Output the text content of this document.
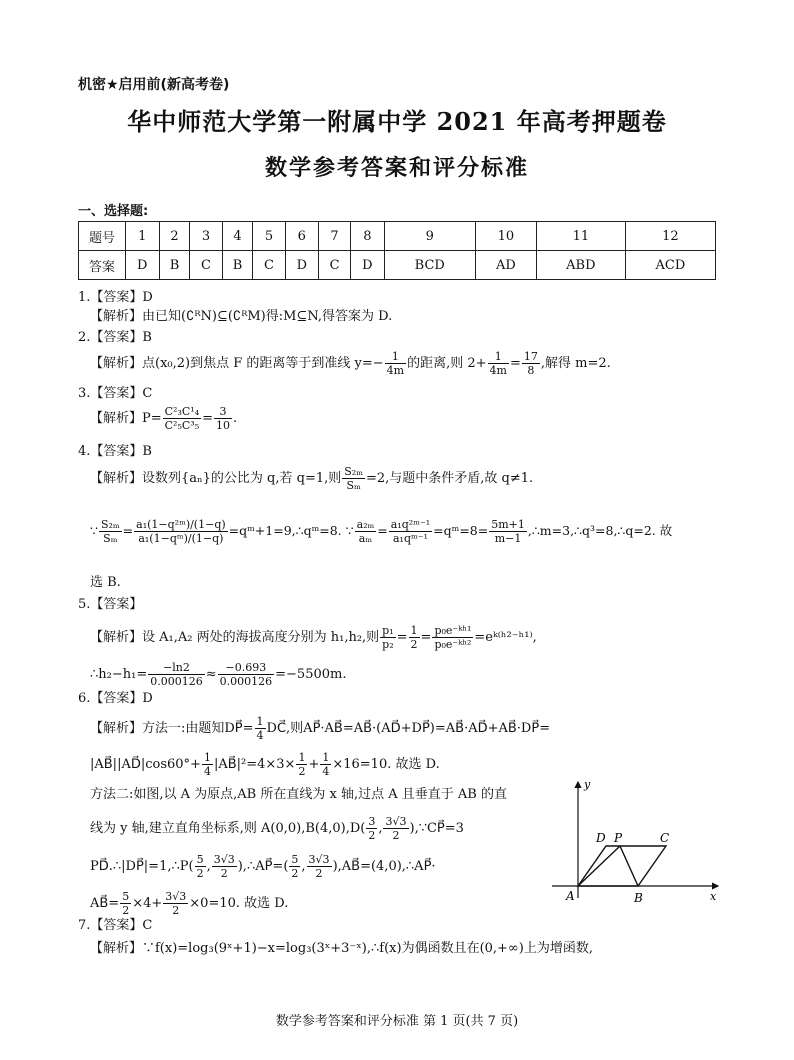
机密★启用前(新高考卷)
华中师范大学第一附属中学 2021 年高考押题卷
数学参考答案和评分标准
一、选择题:
题号	1	2	3	4	5	6	7	8	9	10	11	12
答案	D	B	C	B	C	D	C	D	BCD	AD	ABD	ACD
1.【答案】D
【解析】由已知(∁ᴿN)⊆(∁ᴿM)得:M⊆N,得答案为 D.
2.【答案】B
【解析】点(x₀,2)到焦点 F 的距离等于到准线 $y=- \frac{1}{4m}$ 的距离,则 $2+ \frac{1}{4m} = \frac{17}{8}$ ,解得 m=2.
3.【答案】C
【解析】$P= \frac{\text{C²₃C¹₄}}{\text{C²₅C³₅}} = \frac{3}{10}$ .
4.【答案】B
【解析】设数列{aₙ}的公比为 q,若 q=1,则 $\frac{\text{S₂ₘ}}{\text{Sₘ}} =2$,与题中条件矛盾,故 q≠1.
∵ $\frac{\text{S₂ₘ}}{\text{Sₘ}} = \frac{\text{a₁(1−q²ᵐ)/(1−q)}}{\text{a₁(1−qᵐ)/(1−q)}}$ =qᵐ+1=9,∴qᵐ=8. ∵ $\frac{\text{a₂ₘ}}{\text{aₘ}} = \frac{\text{a₁q²ᵐ⁻¹}}{\text{a₁qᵐ⁻¹}}$ =qᵐ=8= $\frac{5m+1}{m-1}$ ,∴m=3,∴q³=8,∴q=2. 故
选 B.
5.【答案】
【解析】设 A₁,A₂ 两处的海拔高度分别为 h₁,h₂,则 $\frac{\text{p₁}}{\text{p₂}} = \frac{1}{2} = \frac{\text{p₀e⁻ᵏʰ¹}}{\text{p₀e⁻ᵏʰ²}}$ =eᵏ⁽ʰ²⁻ʰ¹⁾,
∴h₂−h₁= $\frac{-\ln 2}{0.000126} \approx \frac{-0.693}{0.000126} =-5500m$.
6.【答案】D
【解析】方法一:由题知DP⃗= $\frac{1}{4}$ DC⃗,则AP⃗·AB⃗=AB⃗·(AD⃗+DP⃗)=AB⃗·AD⃗+AB⃗·DP⃗=
|AB⃗||AD⃗|cos60°+ $\frac{1}{4}$ |AB⃗|²=4×3× $\frac{1}{2} + \frac{1}{4} \times 16=10$. 故选 D.
方法二:如图,以 A 为原点,AB 所在直线为 x 轴,过点 A 且垂直于 AB 的直
线为 y 轴,建立直角坐标系,则 $A(0,0),B(4,0),D( \frac{3}{2}$ , $\frac{3√3}{2}$ ),∵CP⃗=3
PD⃗.∴|DP⃗|=1,∴P( $\frac{5}{2}$ , $\frac{3√3}{2}$ ),∴AP⃗=( $\frac{5}{2}$ , $\frac{3√3}{2}$ ),AB⃗=(4,0),∴AP⃗·
AB⃗= $\frac{5}{2} \times 4+ \frac{3√3}{2} \times 0=10$. 故选 D.
y
x
A	B
C
D P
7.【答案】C
【解析】∵f(x)=log₃(9ˣ+1)−x=log₃(3ˣ+3⁻ˣ),∴f(x)为偶函数且在(0,+∞)上为增函数,
数学参考答案和评分标准 第 1 页(共 7 页)
